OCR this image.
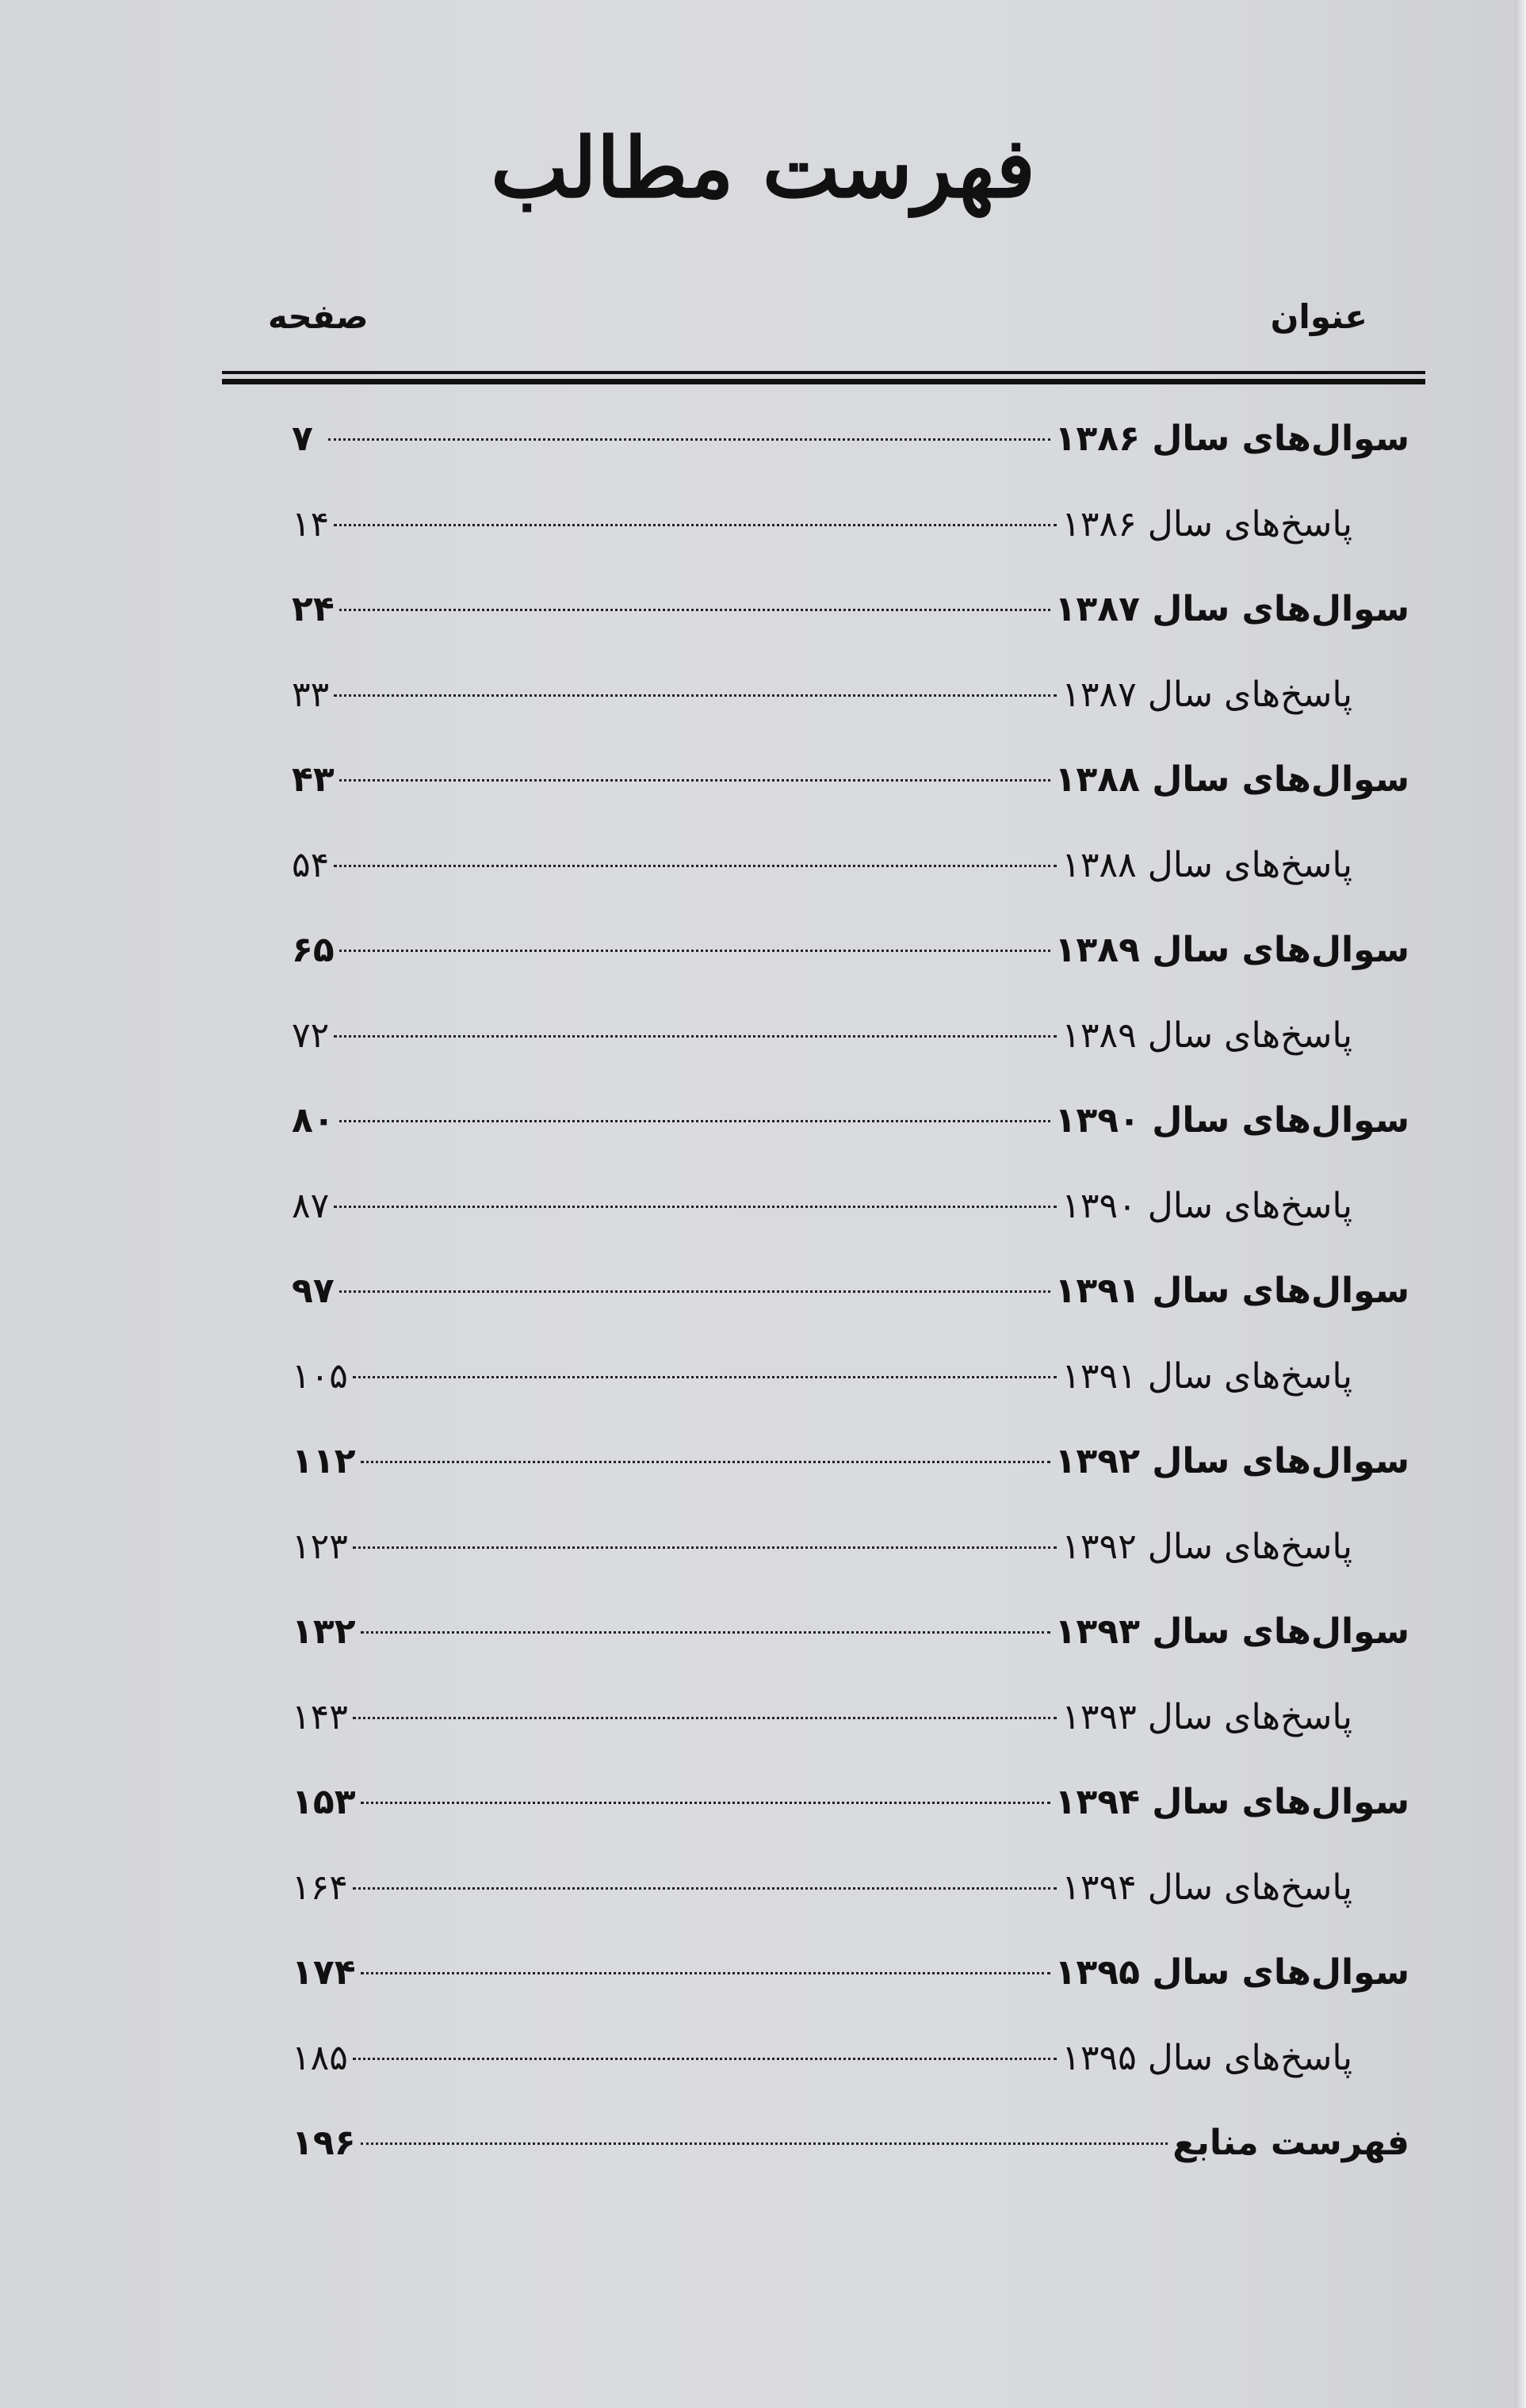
فهرست مطالب
عنوان
صفحه
سوال‌های سال ۱۳۸۶
۷
پاسخ‌های سال ۱۳۸۶
۱۴
سوال‌های سال ۱۳۸۷
۲۴
پاسخ‌های سال ۱۳۸۷
۳۳
سوال‌های سال ۱۳۸۸
۴۳
پاسخ‌های سال ۱۳۸۸
۵۴
سوال‌های سال ۱۳۸۹
۶۵
پاسخ‌های سال ۱۳۸۹
۷۲
سوال‌های سال ۱۳۹۰
۸۰
پاسخ‌های سال ۱۳۹۰
۸۷
سوال‌های سال ۱۳۹۱
۹۷
پاسخ‌های سال ۱۳۹۱
۱۰۵
سوال‌های سال ۱۳۹۲
۱۱۲
پاسخ‌های سال ۱۳۹۲
۱۲۳
سوال‌های سال ۱۳۹۳
۱۳۲
پاسخ‌های سال ۱۳۹۳
۱۴۳
سوال‌های سال ۱۳۹۴
۱۵۳
پاسخ‌های سال ۱۳۹۴
۱۶۴
سوال‌های سال ۱۳۹۵
۱۷۴
پاسخ‌های سال ۱۳۹۵
۱۸۵
فهرست منابع
۱۹۶
